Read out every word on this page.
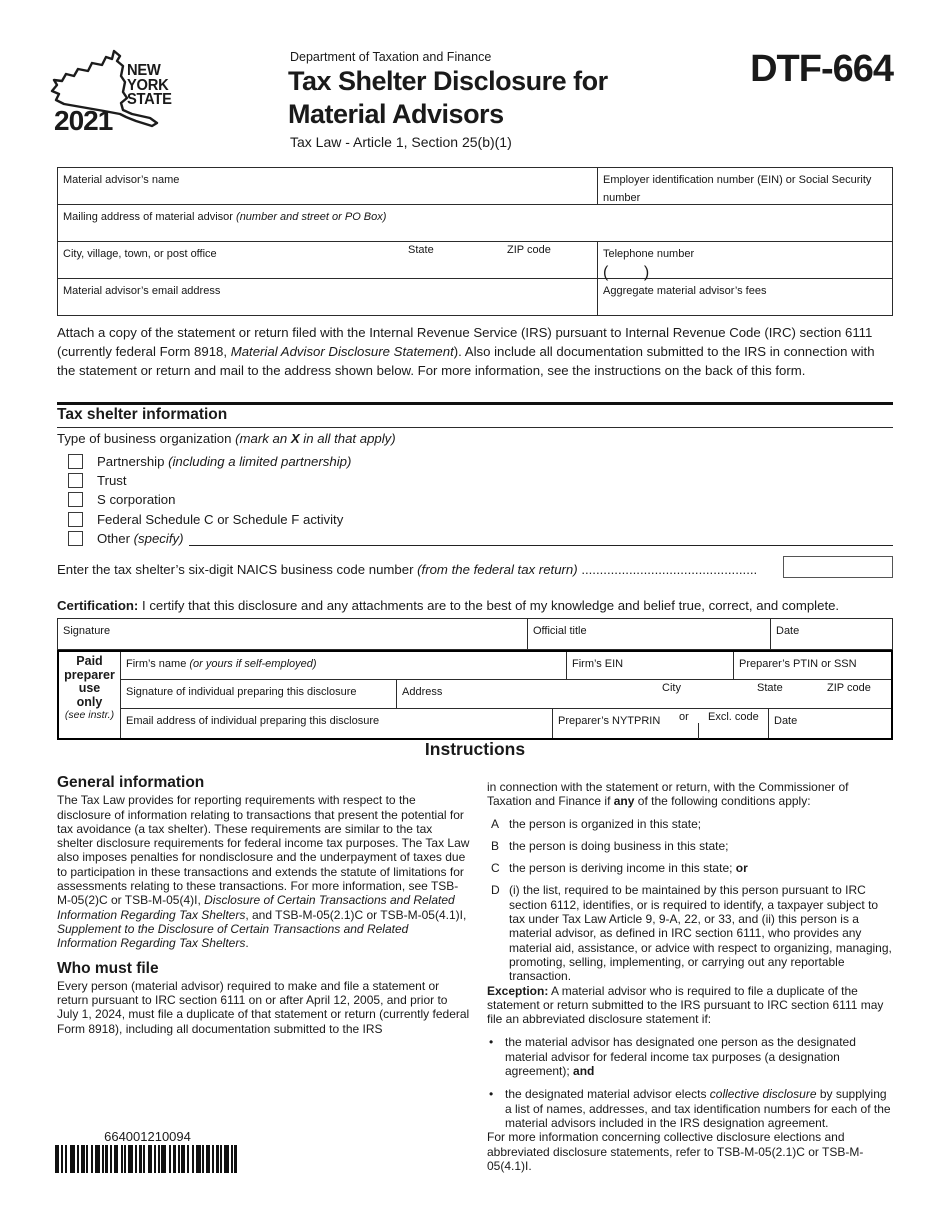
NEW
YORK
STATE
2021
Department of Taxation and Finance
Tax Shelter Disclosure for
Material Advisors
Tax Law - Article 1, Section 25(b)(1)
DTF-664
Material advisor’s name	Employer identification number (EIN) or Social Security number
Mailing address of material advisor (number and street or PO Box)
City, village, town, or post office	State	ZIP code	Telephone number
(        )
Material advisor’s email address	Aggregate material advisor’s fees
Attach a copy of the statement or return filed with the Internal Revenue Service (IRS) pursuant to Internal Revenue Code (IRC) section 6111 (currently federal Form 8918, Material Advisor Disclosure Statement). Also include all documentation submitted to the IRS in connection with the statement or return and mail to the address shown below. For more information, see the instructions on the back of this form.
Tax shelter information
Type of business organization (mark an X in all that apply)
Partnership (including a limited partnership)
Trust
S corporation
Federal Schedule C or Schedule F activity
Other (specify)
Enter the tax shelter’s six-digit NAICS business code number (from the federal tax return) ................................................
Certification: I certify that this disclosure and any attachments are to the best of my knowledge and belief true, correct, and complete.
Signature	Official title	Date
Paid
preparer
use
only
(see instr.)
Firm’s name (or yours if self-employed)	Firm’s EIN	Preparer’s PTIN or SSN
Signature of individual preparing this disclosure	Address	City	State	ZIP code
Email address of individual preparing this disclosure	Preparer’s NYTPRIN or Excl. code	Date
Instructions
General information

The Tax Law provides for reporting requirements with respect to the disclosure of information relating to transactions that present the potential for tax avoidance (a tax shelter). These requirements are similar to the tax shelter disclosure requirements for federal income tax purposes. The Tax Law also imposes penalties for nondisclosure and the underpayment of taxes due to participation in these transactions and extends the statute of limitations for assessments relating to these transactions. For more information, see TSB-M-05(2)C or TSB-M-05(4)I, Disclosure of Certain Transactions and Related Information Regarding Tax Shelters, and TSB-M-05(2.1)C or TSB-M-05(4.1)I, Supplement to the Disclosure of Certain Transactions and Related Information Regarding Tax Shelters.

Who must file

Every person (material advisor) required to make and file a statement or return pursuant to IRC section 6111 on or after April 12, 2005, and prior to July 1, 2024, must file a duplicate of that statement or return (currently federal Form 8918), including all documentation submitted to the IRS

in connection with the statement or return, with the Commissioner of Taxation and Finance if any of the following conditions apply:

A the person is organized in this state;
B the person is doing business in this state;
C the person is deriving income in this state; or
D (i) the list, required to be maintained by this person pursuant to IRC section 6112, identifies, or is required to identify, a taxpayer subject to tax under Tax Law Article 9, 9-A, 22, or 33, and (ii) this person is a material advisor, as defined in IRC section 6111, who provides any material aid, assistance, or advice with respect to organizing, managing, promoting, selling, implementing, or carrying out any reportable transaction.

Exception: A material advisor who is required to file a duplicate of the statement or return submitted to the IRS pursuant to IRC section 6111 may file an abbreviated disclosure statement if:

• the material advisor has designated one person as the designated material advisor for federal income tax purposes (a designation agreement); and
• the designated material advisor elects collective disclosure by supplying a list of names, addresses, and tax identification numbers for each of the material advisors included in the IRS designation agreement.

For more information concerning collective disclosure elections and abbreviated disclosure statements, refer to TSB-M-05(2.1)C or TSB-M-05(4.1)I.

664001210094
